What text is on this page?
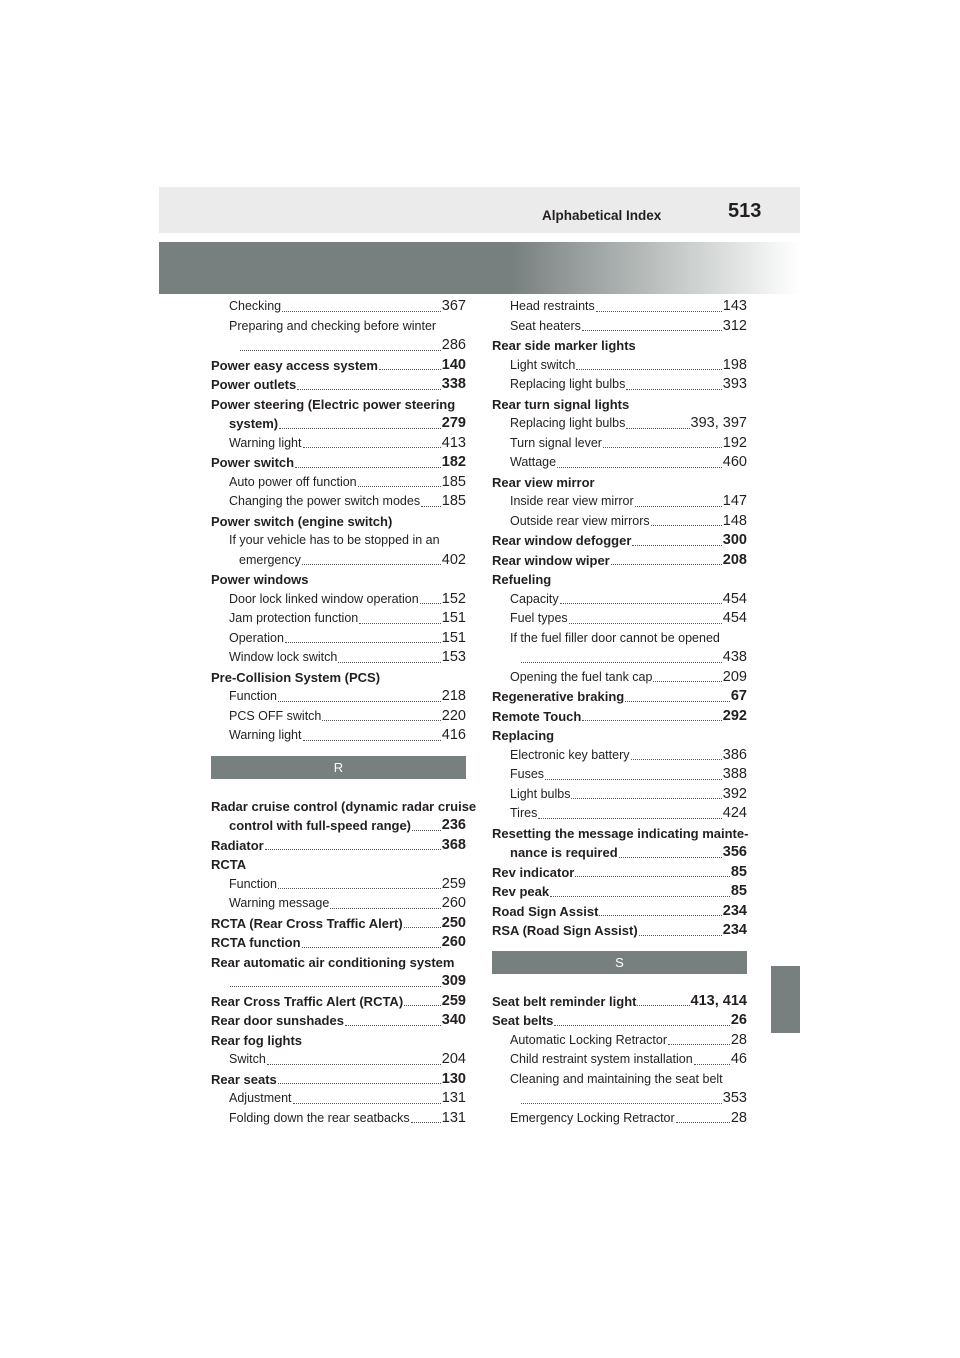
Alphabetical Index	513
Checking	367
Preparing and checking before winter
286
Power easy access system	140
Power outlets	338
Power steering (Electric power steering
system)	279
Warning light	413
Power switch	182
Auto power off function	185
Changing the power switch modes 185
Power switch (engine switch)
If your vehicle has to be stopped in an
emergency	402
Power windows
Door lock linked window operation 152
Jam protection function	151
Operation	151
Window lock switch	153
Pre-Collision System (PCS)
Function	218
PCS OFF switch	220
Warning light	416
R
Radar cruise control (dynamic radar cruise
control with full-speed range) 236
Radiator	368
RCTA
Function	259
Warning message	260
RCTA (Rear Cross Traffic Alert)	250
RCTA function	260
Rear automatic air conditioning system
309
Rear Cross Traffic Alert (RCTA)	259
Rear door sunshades	340
Rear fog lights
Switch	204
Rear seats	130
Adjustment	131
Folding down the rear seatbacks 131
Head restraints	143
Seat heaters	312
Rear side marker lights
Light switch	198
Replacing light bulbs	393
Rear turn signal lights
Replacing light bulbs	393, 397
Turn signal lever	192
Wattage	460
Rear view mirror
Inside rear view mirror	147
Outside rear view mirrors	148
Rear window defogger	300
Rear window wiper	208
Refueling
Capacity	454
Fuel types	454
If the fuel filler door cannot be opened
438
Opening the fuel tank cap	209
Regenerative braking	67
Remote Touch	292
Replacing
Electronic key battery	386
Fuses	388
Light bulbs	392
Tires	424
Resetting the message indicating mainte-
nance is required	356
Rev indicator	85
Rev peak	85
Road Sign Assist	234
RSA (Road Sign Assist)	234
S
Seat belt reminder light	413, 414
Seat belts	26
Automatic Locking Retractor	28
Child restraint system installation	46
Cleaning and maintaining the seat belt
353
Emergency Locking Retractor	28
